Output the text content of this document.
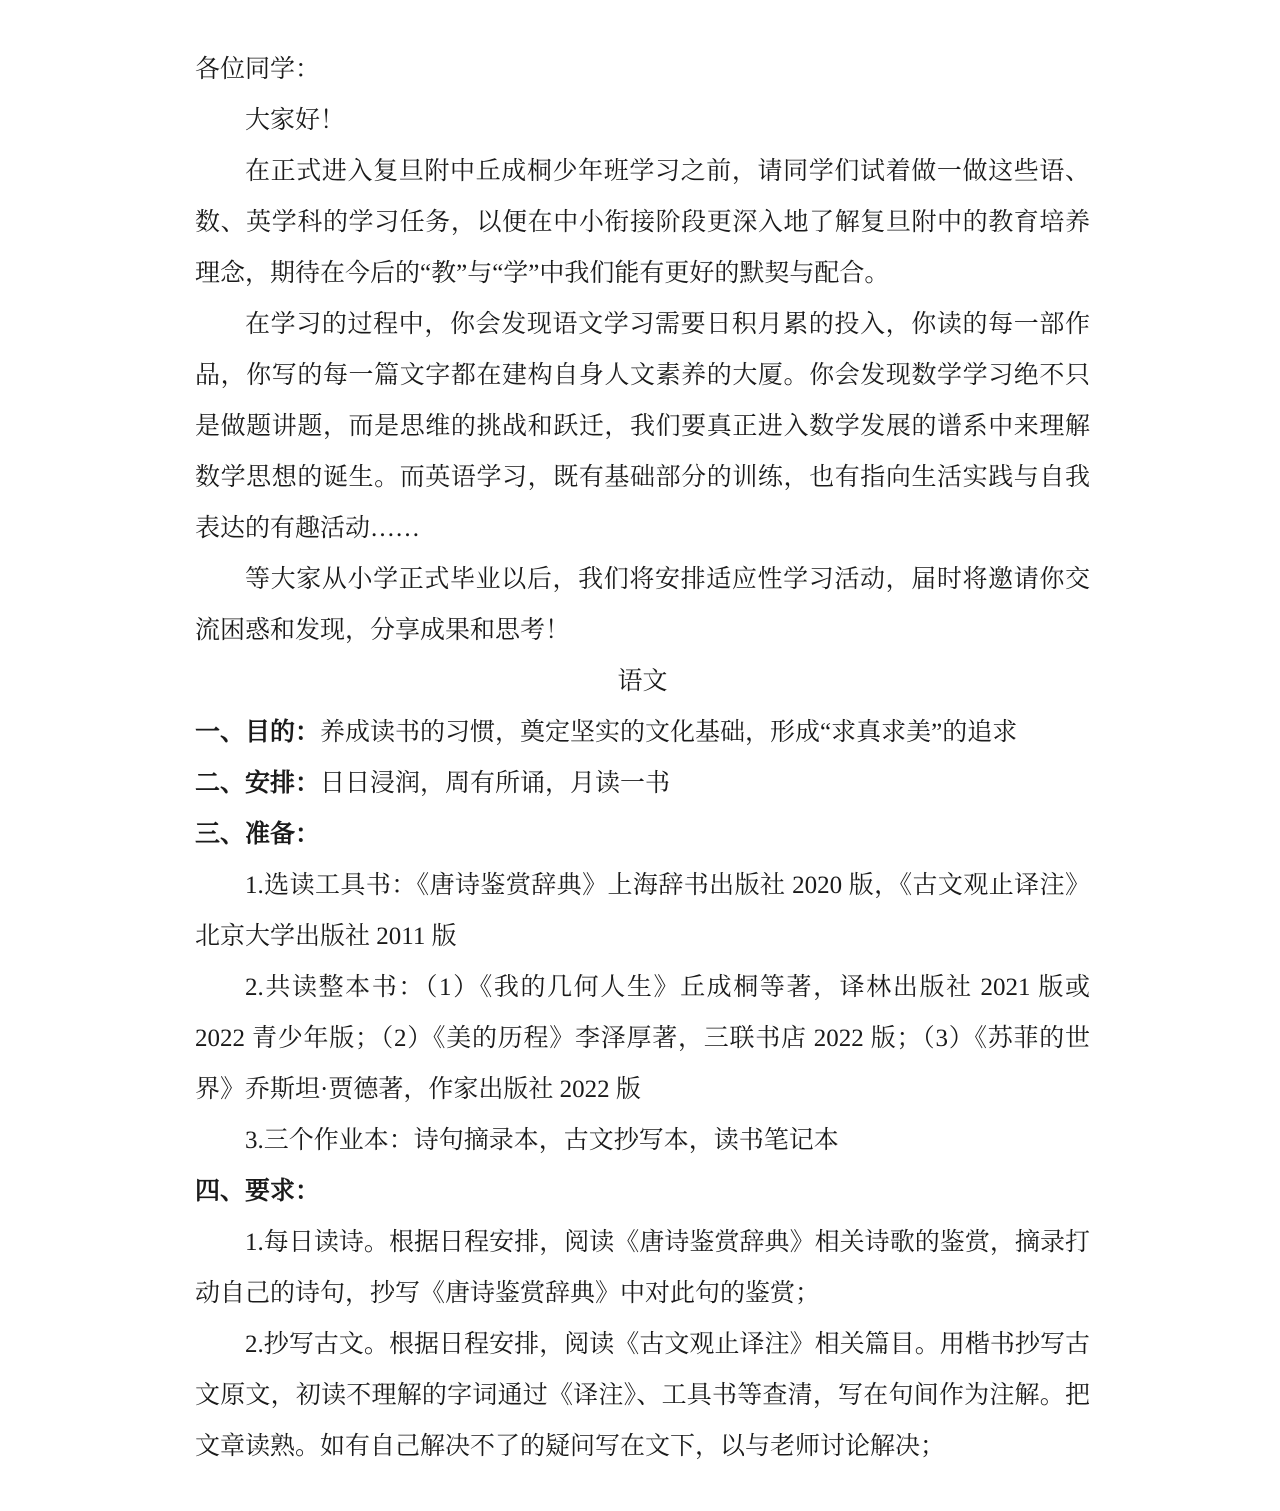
各位同学：

大家好！

在正式进入复旦附中丘成桐少年班学习之前，请同学们试着做一做这些语、数、英学科的学习任务，以便在中小衔接阶段更深入地了解复旦附中的教育培养理念，期待在今后的“教”与“学”中我们能有更好的默契与配合。

在学习的过程中，你会发现语文学习需要日积月累的投入，你读的每一部作品，你写的每一篇文字都在建构自身人文素养的大厦。你会发现数学学习绝不只是做题讲题，而是思维的挑战和跃迁，我们要真正进入数学发展的谱系中来理解数学思想的诞生。而英语学习，既有基础部分的训练，也有指向生活实践与自我表达的有趣活动……

等大家从小学正式毕业以后，我们将安排适应性学习活动，届时将邀请你交流困惑和发现，分享成果和思考！

语文

一、目的：养成读书的习惯，奠定坚实的文化基础，形成“求真求美”的追求

二、安排：日日浸润，周有所诵，月读一书

三、准备：

1.选读工具书：《唐诗鉴赏辞典》上海辞书出版社 2020 版，《古文观止译注》北京大学出版社 2011 版

2.共读整本书：（1）《我的几何人生》丘成桐等著，译林出版社 2021 版或 2022 青少年版；（2）《美的历程》李泽厚著，三联书店 2022 版；（3）《苏菲的世界》乔斯坦·贾德著，作家出版社 2022 版

3.三个作业本：诗句摘录本，古文抄写本，读书笔记本

四、要求：

1.每日读诗。根据日程安排，阅读《唐诗鉴赏辞典》相关诗歌的鉴赏，摘录打动自己的诗句，抄写《唐诗鉴赏辞典》中对此句的鉴赏；

2.抄写古文。根据日程安排，阅读《古文观止译注》相关篇目。用楷书抄写古文原文，初读不理解的字词通过《译注》、工具书等查清，写在句间作为注解。把文章读熟。如有自己解决不了的疑问写在文下，以与老师讨论解决；
